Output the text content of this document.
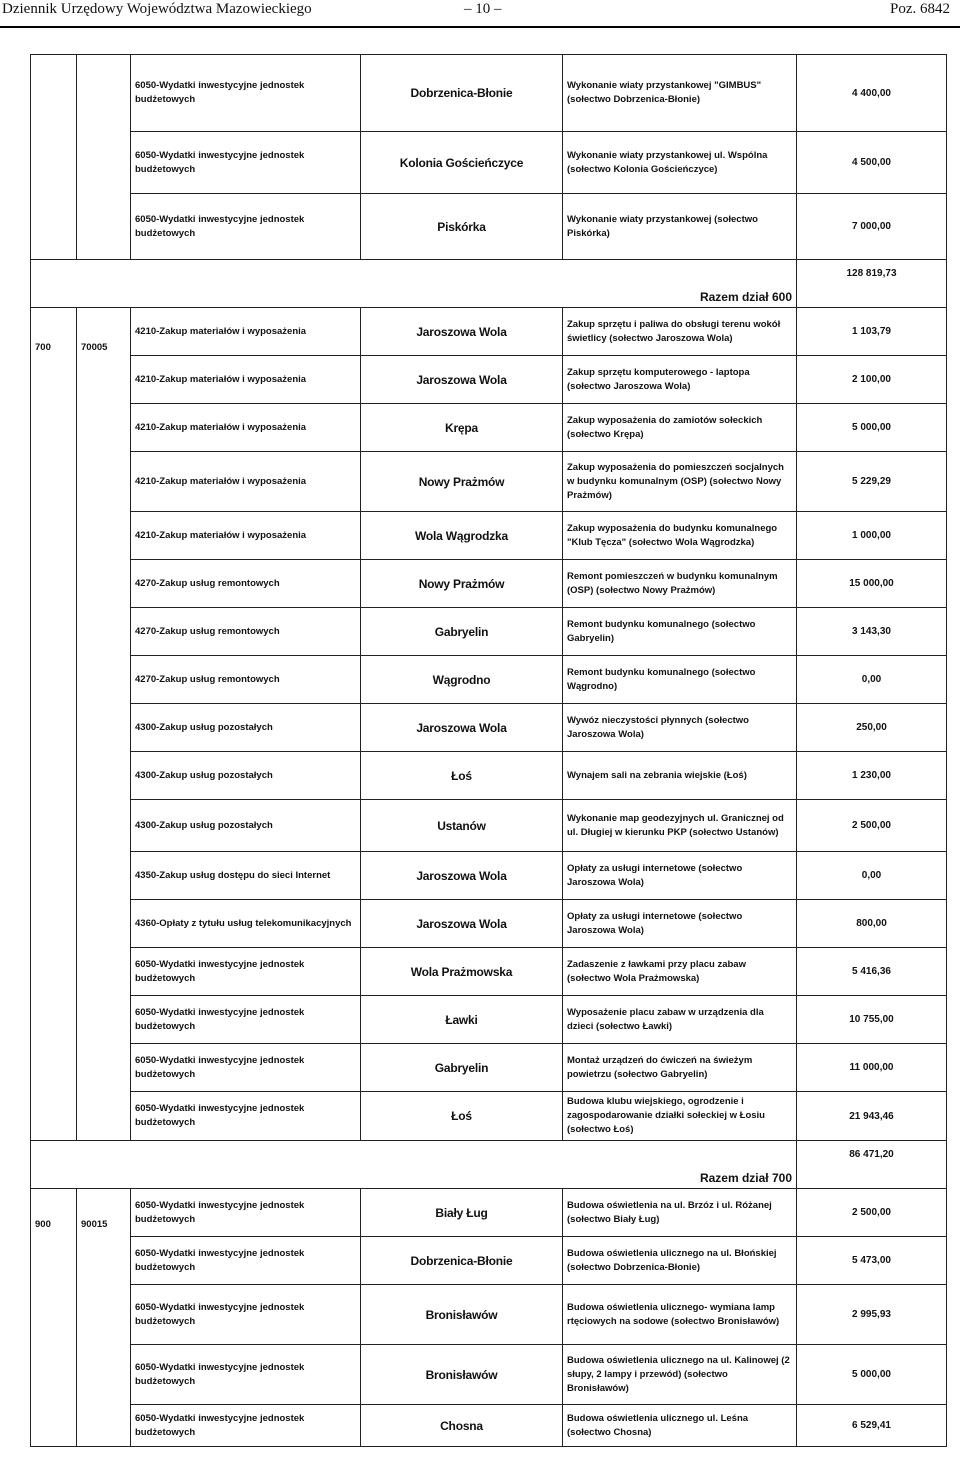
Dziennik Urzędowy Województwa Mazowieckiego	– 10 –	Poz. 6842
		6050-Wydatki inwestycyjne jednostek budżetowych	Dobrzenica-Błonie	Wykonanie wiaty przystankowej "GIMBUS" (sołectwo Dobrzenica-Błonie)	4 400,00
		6050-Wydatki inwestycyjne jednostek budżetowych	Kolonia Gościeńczyce	Wykonanie wiaty przystankowej ul. Wspólna (sołectwo Kolonia Gościeńczyce)	4 500,00
		6050-Wydatki inwestycyjne jednostek budżetowych	Piskórka	Wykonanie wiaty przystankowej (sołectwo Piskórka)	7 000,00
Razem dział 600					128 819,73
700	70005	4210-Zakup materiałów i wyposażenia	Jaroszowa Wola	Zakup sprzętu i paliwa do obsługi terenu wokół świetlicy (sołectwo Jaroszowa Wola)	1 103,79
		4210-Zakup materiałów i wyposażenia	Jaroszowa Wola	Zakup sprzętu komputerowego - laptopa (sołectwo Jaroszowa Wola)	2 100,00
		4210-Zakup materiałów i wyposażenia	Krępa	Zakup wyposażenia do zamiotów sołeckich (sołectwo Krępa)	5 000,00
		4210-Zakup materiałów i wyposażenia	Nowy Prażmów	Zakup wyposażenia do pomieszczeń socjalnych w budynku komunalnym (OSP) (sołectwo Nowy Prażmów)	5 229,29
		4210-Zakup materiałów i wyposażenia	Wola Wągrodzka	Zakup wyposażenia do budynku komunalnego "Klub Tęcza" (sołectwo Wola Wągrodzka)	1 000,00
		4270-Zakup usług remontowych	Nowy Prażmów	Remont pomieszczeń w budynku komunalnym (OSP) (sołectwo Nowy Prażmów)	15 000,00
		4270-Zakup usług remontowych	Gabryelin	Remont budynku komunalnego (sołectwo Gabryelin)	3 143,30
		4270-Zakup usług remontowych	Wągrodno	Remont budynku komunalnego (sołectwo Wągrodno)	0,00
		4300-Zakup usług pozostałych	Jaroszowa Wola	Wywóz nieczystości płynnych (sołectwo Jaroszowa Wola)	250,00
		4300-Zakup usług pozostałych	Łoś	Wynajem sali na zebrania wiejskie (Łoś)	1 230,00
		4300-Zakup usług pozostałych	Ustanów	Wykonanie map geodezyjnych ul. Granicznej od ul. Długiej w kierunku PKP (sołectwo Ustanów)	2 500,00
		4350-Zakup usług dostępu do sieci Internet	Jaroszowa Wola	Opłaty za usługi internetowe (sołectwo Jaroszowa Wola)	0,00
		4360-Opłaty z tytułu usług telekomunikacyjnych	Jaroszowa Wola	Opłaty za usługi internetowe (sołectwo Jaroszowa Wola)	800,00
		6050-Wydatki inwestycyjne jednostek budżetowych	Wola Prażmowska	Zadaszenie z ławkami przy placu zabaw (sołectwo Wola Prażmowska)	5 416,36
		6050-Wydatki inwestycyjne jednostek budżetowych	Ławki	Wyposażenie placu zabaw w urządzenia dla dzieci (sołectwo Ławki)	10 755,00
		6050-Wydatki inwestycyjne jednostek budżetowych	Gabryelin	Montaż urządzeń do ćwiczeń na świeżym powietrzu (sołectwo Gabryelin)	11 000,00
		6050-Wydatki inwestycyjne jednostek budżetowych	Łoś	Budowa klubu wiejskiego, ogrodzenie i zagospodarowanie działki sołeckiej w Łosiu (sołectwo Łoś)	21 943,46
Razem dział 700					86 471,20
900	90015	6050-Wydatki inwestycyjne jednostek budżetowych	Biały Ług	Budowa oświetlenia na ul. Brzóz i ul. Różanej (sołectwo Biały Ług)	2 500,00
		6050-Wydatki inwestycyjne jednostek budżetowych	Dobrzenica-Błonie	Budowa oświetlenia ulicznego na ul. Błońskiej (sołectwo Dobrzenica-Błonie)	5 473,00
		6050-Wydatki inwestycyjne jednostek budżetowych	Bronisławów	Budowa oświetlenia ulicznego- wymiana lamp rtęciowych na sodowe (sołectwo Bronisławów)	2 995,93
		6050-Wydatki inwestycyjne jednostek budżetowych	Bronisławów	Budowa oświetlenia ulicznego na ul. Kalinowej (2 słupy, 2 lampy i przewód) (sołectwo Bronisławów)	5 000,00
		6050-Wydatki inwestycyjne jednostek budżetowych	Chosna	Budowa oświetlenia ulicznego ul. Leśna (sołectwo Chosna)	6 529,41
